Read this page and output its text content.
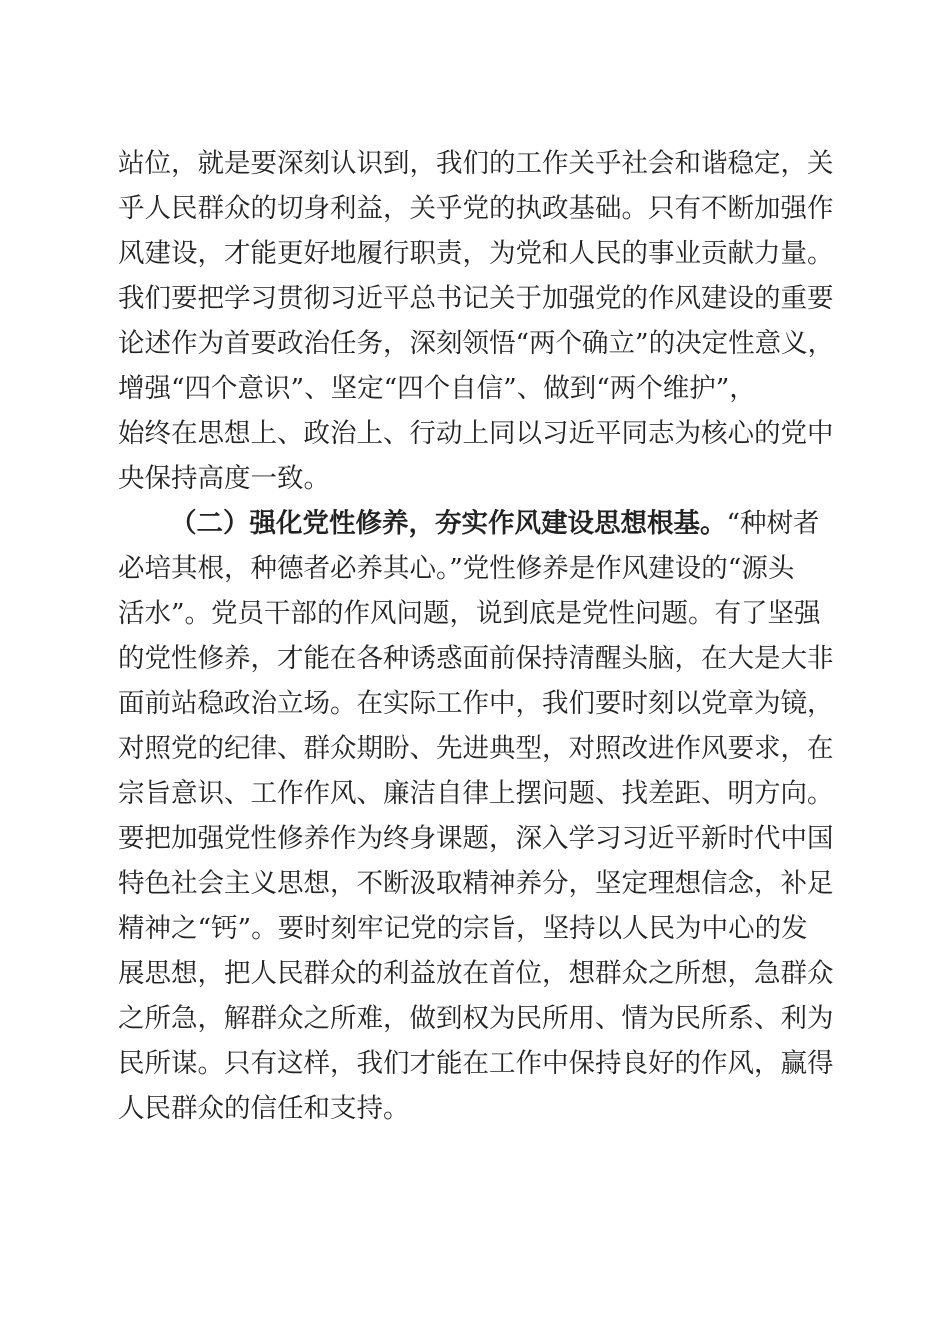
站位，就是要深刻认识到，我们的工作关乎社会和谐稳定，关
乎人民群众的切身利益，关乎党的执政基础。只有不断加强作
风建设，才能更好地履行职责，为党和人民的事业贡献力量。
我们要把学习贯彻习近平总书记关于加强党的作风建设的重要
论述作为首要政治任务，深刻领悟“两个确立”的决定性意义，
增强“四个意识”、坚定“四个自信”、做到“两个维护”，
始终在思想上、政治上、行动上同以习近平同志为核心的党中
央保持高度一致。
（二）强化党性修养，夯实作风建设思想根基。“种树者
必培其根，种德者必养其心。”党性修养是作风建设的“源头
活水”。党员干部的作风问题，说到底是党性问题。有了坚强
的党性修养，才能在各种诱惑面前保持清醒头脑，在大是大非
面前站稳政治立场。在实际工作中，我们要时刻以党章为镜，
对照党的纪律、群众期盼、先进典型，对照改进作风要求，在
宗旨意识、工作作风、廉洁自律上摆问题、找差距、明方向。
要把加强党性修养作为终身课题，深入学习习近平新时代中国
特色社会主义思想，不断汲取精神养分，坚定理想信念，补足
精神之“钙”。要时刻牢记党的宗旨，坚持以人民为中心的发
展思想，把人民群众的利益放在首位，想群众之所想，急群众
之所急，解群众之所难，做到权为民所用、情为民所系、利为
民所谋。只有这样，我们才能在工作中保持良好的作风，赢得
人民群众的信任和支持。
